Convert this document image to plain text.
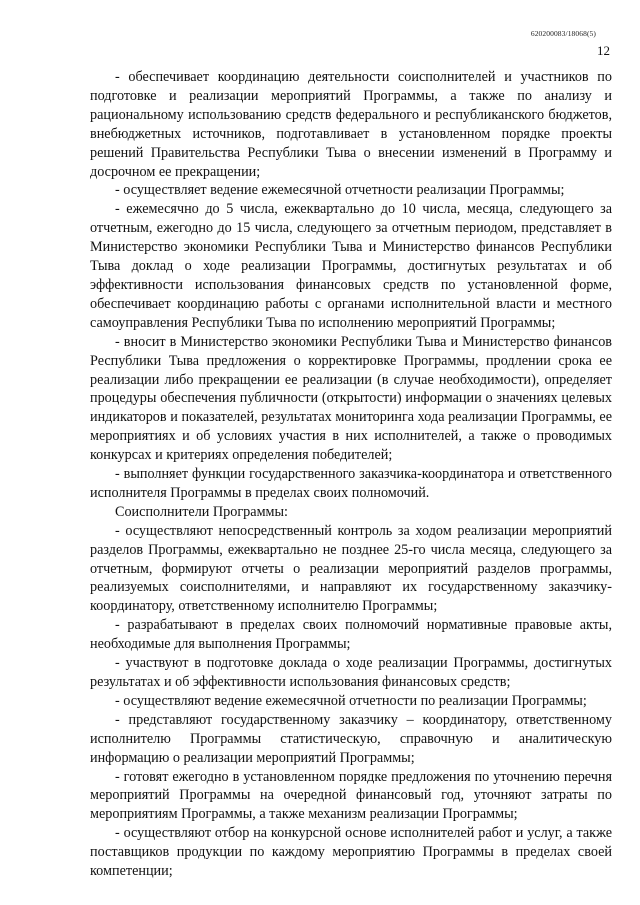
620200083/18068(5)
12

- обеспечивает координацию деятельности соисполнителей и участников по подготовке и реализации мероприятий Программы, а также по анализу и рациональному использованию средств федерального и республиканского бюджетов, внебюджетных источников, подготавливает в установленном порядке проекты решений Правительства Республики Тыва о внесении изменений в Программу и досрочном ее прекращении;

- осуществляет ведение ежемесячной отчетности реализации Программы;

- ежемесячно до 5 числа, ежеквартально до 10 числа, месяца, следующего за отчетным, ежегодно до 15 числа, следующего за отчетным периодом, представляет в Министерство экономики Республики Тыва и Министерство финансов Республики Тыва доклад о ходе реализации Программы, достигнутых результатах и об эффективности использования финансовых средств по установленной форме, обеспечивает координацию работы с органами исполнительной власти и местного самоуправления Республики Тыва по исполнению мероприятий Программы;

- вносит в Министерство экономики Республики Тыва и Министерство финансов Республики Тыва предложения о корректировке Программы, продлении срока ее реализации либо прекращении ее реализации (в случае необходимости), определяет процедуры обеспечения публичности (открытости) информации о значениях целевых индикаторов и показателей, результатах мониторинга хода реализации Программы, ее мероприятиях и об условиях участия в них исполнителей, а также о проводимых конкурсах и критериях определения победителей;

- выполняет функции государственного заказчика-координатора и ответственного исполнителя Программы в пределах своих полномочий.

Соисполнители Программы:

- осуществляют непосредственный контроль за ходом реализации мероприятий разделов Программы, ежеквартально не позднее 25-го числа месяца, следующего за отчетным, формируют отчеты о реализации мероприятий разделов программы, реализуемых соисполнителями, и направляют их государственному заказчику-координатору, ответственному исполнителю Программы;

- разрабатывают в пределах своих полномочий нормативные правовые акты, необходимые для выполнения Программы;

- участвуют в подготовке доклада о ходе реализации Программы, достигнутых результатах и об эффективности использования финансовых средств;

- осуществляют ведение ежемесячной отчетности по реализации Программы;

- представляют государственному заказчику – координатору, ответственному исполнителю Программы статистическую, справочную и аналитическую информацию о реализации мероприятий Программы;

- готовят ежегодно в установленном порядке предложения по уточнению перечня мероприятий Программы на очередной финансовый год, уточняют затраты по мероприятиям Программы, а также механизм реализации Программы;

- осуществляют отбор на конкурсной основе исполнителей работ и услуг, а также поставщиков продукции по каждому мероприятию Программы в пределах своей компетенции;
